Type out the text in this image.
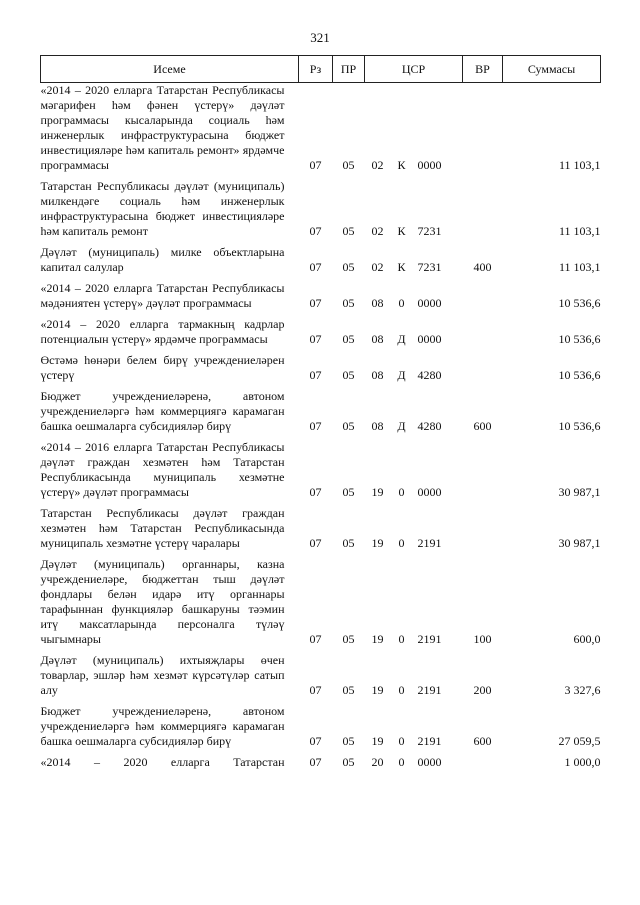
321
Исеме	Рз	ПР	ЦСР			ВР	Суммасы
«2014 – 2020 елларга Татарстан Республикасы мәгарифен һәм фәнен үстерү» дәүләт программасы кысаларында социаль һәм инженерлык инфраструктурасына бюджет инвестицияләре һәм капиталь ремонт» ярдәмче программасы	07	05	02	К	0000		11 103,1
Татарстан Республикасы дәүләт (муниципаль) милкендәге социаль һәм инженерлык инфраструктурасына бюджет инвестицияләре һәм капиталь ремонт	07	05	02	К	7231		11 103,1
Дәүләт (муниципаль) милке объектларына капитал салулар	07	05	02	К	7231	400	11 103,1
«2014 – 2020 елларга Татарстан Республикасы мәдәниятен үстерү» дәүләт программасы	07	05	08	0	0000		10 536,6
«2014 – 2020 елларга тармакның кадрлар потенциалын үстерү» ярдәмче программасы	07	05	08	Д	0000		10 536,6
Өстәмә һөнәри белем бирү учреждениеләрен үстерү	07	05	08	Д	4280		10 536,6
Бюджет учреждениеләренә, автоном учреждениеләргә һәм коммерциягә карамаган башка оешмаларга субсидияләр бирү	07	05	08	Д	4280	600	10 536,6
«2014 – 2016 елларга Татарстан Республикасы дәүләт граждан хезмәтен һәм Татарстан Республикасында муниципаль хезмәтне үстерү» дәүләт программасы	07	05	19	0	0000		30 987,1
Татарстан Республикасы дәүләт граждан хезмәтен һәм Татарстан Республикасында муниципаль хезмәтне үстерү чаралары	07	05	19	0	2191		30 987,1
Дәүләт (муниципаль) органнары, казна учреждениеләре, бюджеттан тыш дәүләт фондлары белән идарә итү органнары тарафыннан функцияләр башкаруны тәэмин итү максатларында персоналга түләү чыгымнары	07	05	19	0	2191	100	600,0
Дәүләт (муниципаль) ихтыяҗлары өчен товарлар, эшләр һәм хезмәт күрсәтүләр сатып алу	07	05	19	0	2191	200	3 327,6
Бюджет учреждениеләренә, автоном учреждениеләргә һәм коммерциягә карамаган башка оешмаларга субсидияләр бирү	07	05	19	0	2191	600	27 059,5
«2014 – 2020 елларга Татарстан	07	05	20	0	0000		1 000,0
